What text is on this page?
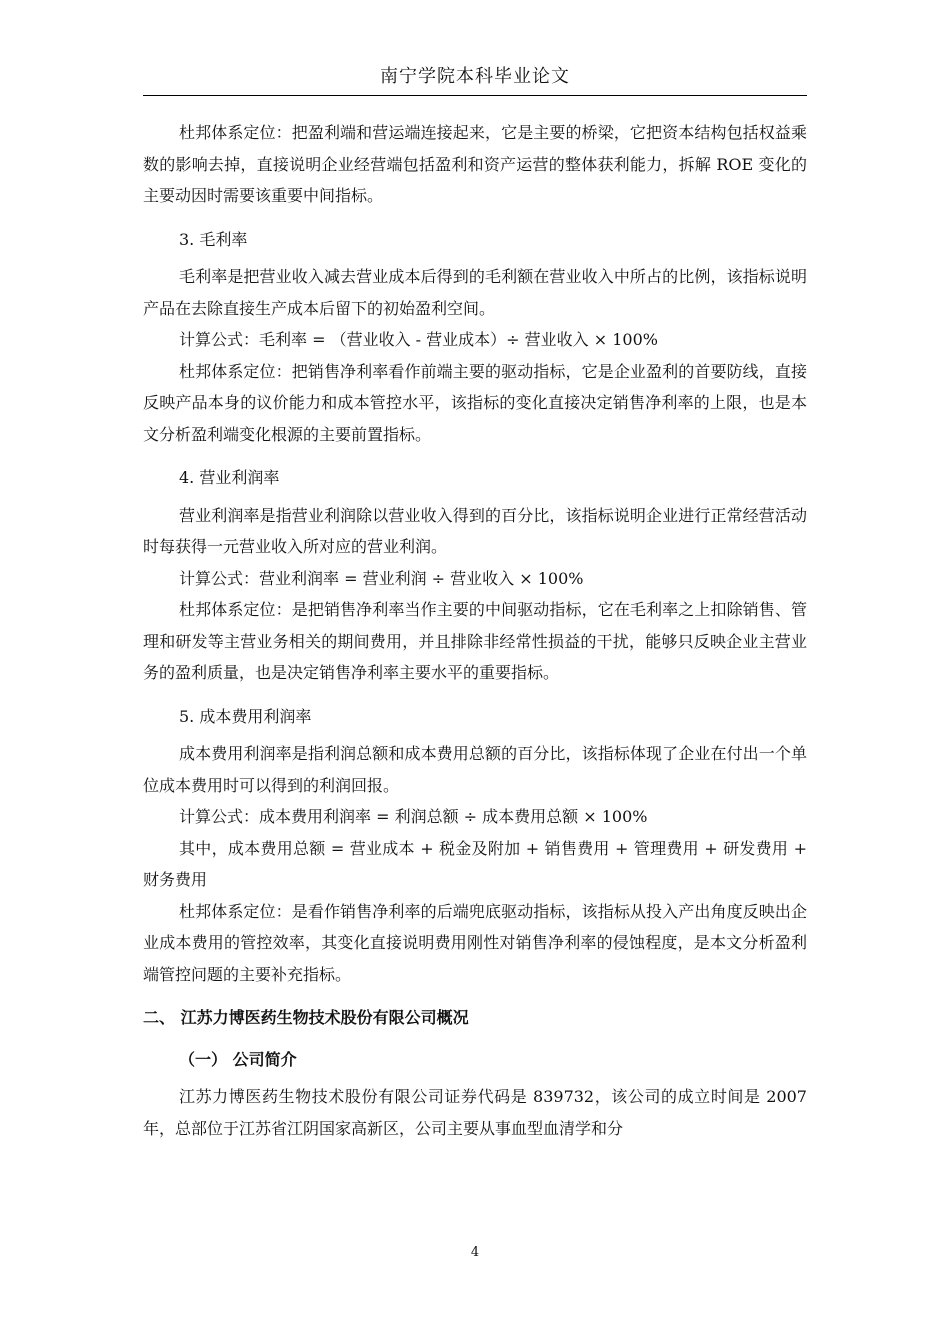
南宁学院本科毕业论文

杜邦体系定位：把盈利端和营运端连接起来，它是主要的桥梁，它把资本结构包括权益乘数的影响去掉，直接说明企业经营端包括盈利和资产运营的整体获利能力，拆解 ROE 变化的主要动因时需要该重要中间指标。

3. 毛利率

毛利率是把营业收入减去营业成本后得到的毛利额在营业收入中所占的比例，该指标说明产品在去除直接生产成本后留下的初始盈利空间。

计算公式：毛利率 = （营业收入 - 营业成本）÷ 营业收入 × 100%

杜邦体系定位：把销售净利率看作前端主要的驱动指标，它是企业盈利的首要防线，直接反映产品本身的议价能力和成本管控水平，该指标的变化直接决定销售净利率的上限，也是本文分析盈利端变化根源的主要前置指标。

4. 营业利润率

营业利润率是指营业利润除以营业收入得到的百分比，该指标说明企业进行正常经营活动时每获得一元营业收入所对应的营业利润。

计算公式：营业利润率 = 营业利润 ÷ 营业收入 × 100%

杜邦体系定位：是把销售净利率当作主要的中间驱动指标，它在毛利率之上扣除销售、管理和研发等主营业务相关的期间费用，并且排除非经常性损益的干扰，能够只反映企业主营业务的盈利质量，也是决定销售净利率主要水平的重要指标。

5. 成本费用利润率

成本费用利润率是指利润总额和成本费用总额的百分比，该指标体现了企业在付出一个单位成本费用时可以得到的利润回报。

计算公式：成本费用利润率 = 利润总额 ÷ 成本费用总额 × 100%

其中，成本费用总额 = 营业成本 + 税金及附加 + 销售费用 + 管理费用 + 研发费用 + 财务费用

杜邦体系定位：是看作销售净利率的后端兜底驱动指标，该指标从投入产出角度反映出企业成本费用的管控效率，其变化直接说明费用刚性对销售净利率的侵蚀程度，是本文分析盈利端管控问题的主要补充指标。

二、 江苏力博医药生物技术股份有限公司概况

（一） 公司简介

江苏力博医药生物技术股份有限公司证券代码是 839732，该公司的成立时间是 2007 年，总部位于江苏省江阴国家高新区，公司主要从事血型血清学和分

4
